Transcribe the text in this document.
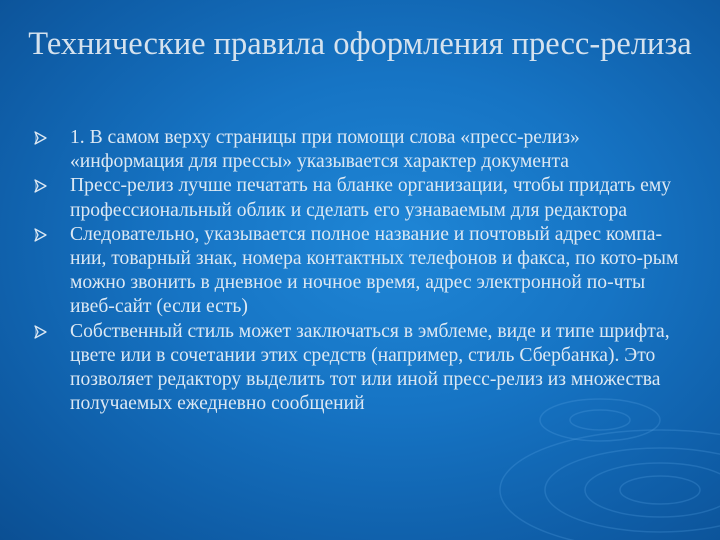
Технические правила оформления пресс-релиза
1. В самом верху страницы при помощи слова «пресс-релиз» «информация для прессы» указывается характер документа
Пресс-релиз лучше печатать на бланке организации, чтобы придать ему профессиональный облик и сделать его узнаваемым для редактора
Следовательно, указывается полное название и почтовый адрес компа-нии, товарный знак, номера контактных телефонов и факса, по кото-рым можно звонить в дневное и ночное время, адрес электронной по-чты ивеб-сайт (если есть)
Собственный стиль может заключаться в эмблеме, виде и типе шрифта, цвете или в сочетании этих средств (например, стиль Сбербанка). Это позволяет редактору выделить тот или иной пресс-релиз из множества получаемых ежедневно сообщений
